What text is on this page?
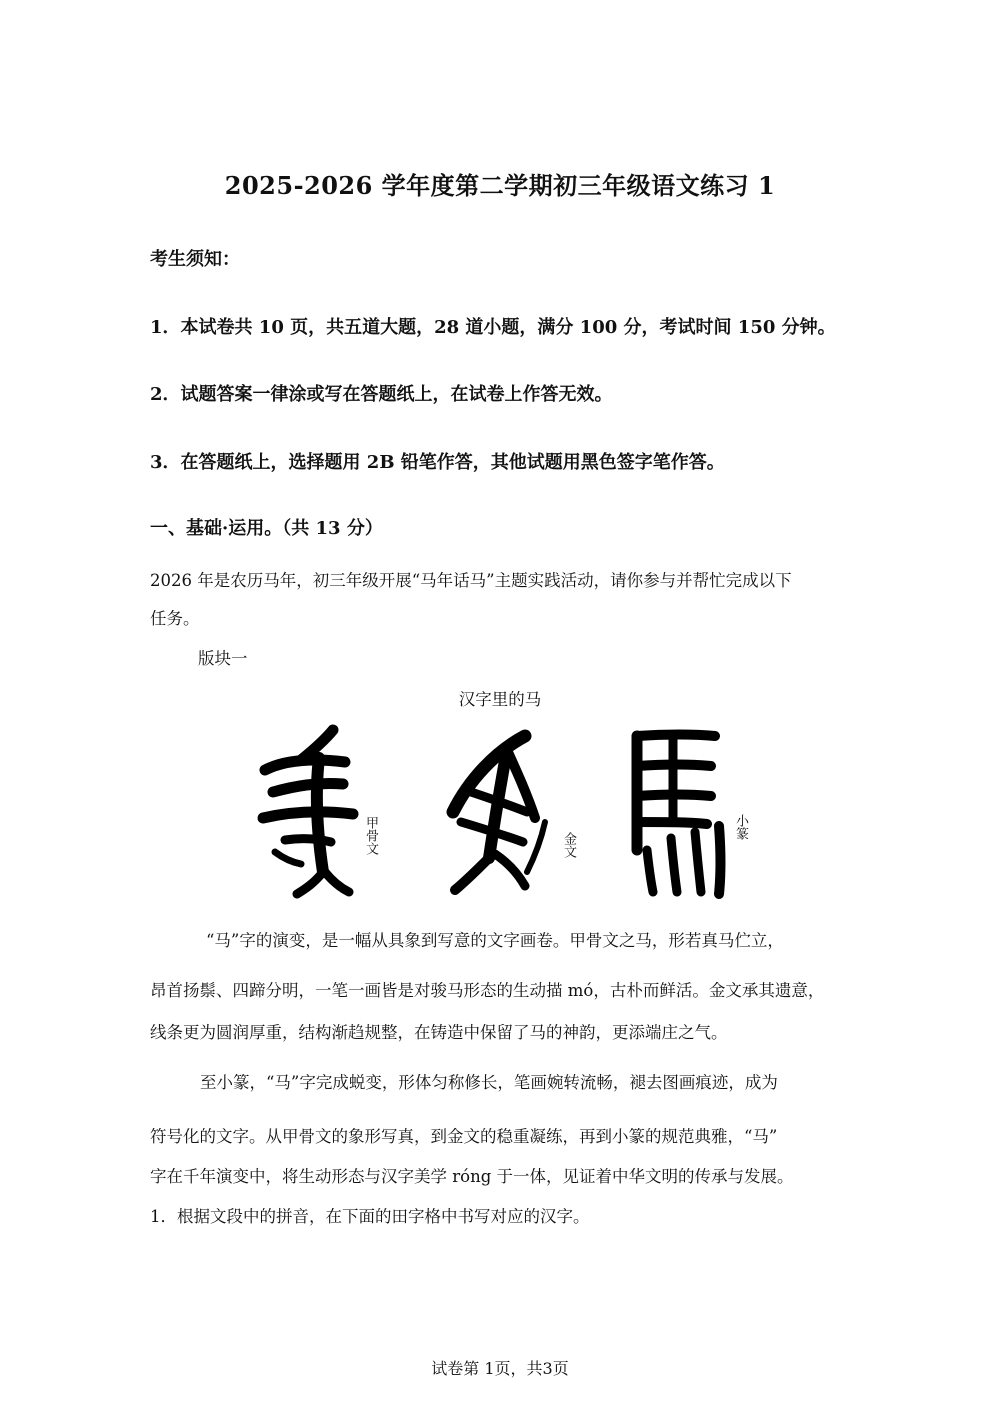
2025-2026 学年度第二学期初三年级语文练习 1
考生须知：
1．本试卷共 10 页，共五道大题，28 道小题，满分 100 分，考试时间 150 分钟。
2．试题答案一律涂或写在答题纸上，在试卷上作答无效。
3．在答题纸上，选择题用 2B 铅笔作答，其他试题用黑色签字笔作答。
一、基础·运用。（共 13 分）
2026 年是农历马年，初三年级开展“马年话马”主题实践活动，请你参与并帮忙完成以下
任务。
版块一
汉字里的马
甲骨文	金文
小篆
“马”字的演变，是一幅从具象到写意的文字画卷。甲骨文之马，形若真马伫立，
昂首扬鬃、四蹄分明，一笔一画皆是对骏马形态的生动描 mó，古朴而鲜活。金文承其遗意，
线条更为圆润厚重，结构渐趋规整，在铸造中保留了马的神韵，更添端庄之气。
至小篆，“马”字完成蜕变，形体匀称修长，笔画婉转流畅，褪去图画痕迹，成为
符号化的文字。从甲骨文的象形写真，到金文的稳重凝练，再到小篆的规范典雅，“马”
字在千年演变中，将生动形态与汉字美学 róng 于一体，见证着中华文明的传承与发展。
1．根据文段中的拼音，在下面的田字格中书写对应的汉字。
试卷第 1页，共3页
